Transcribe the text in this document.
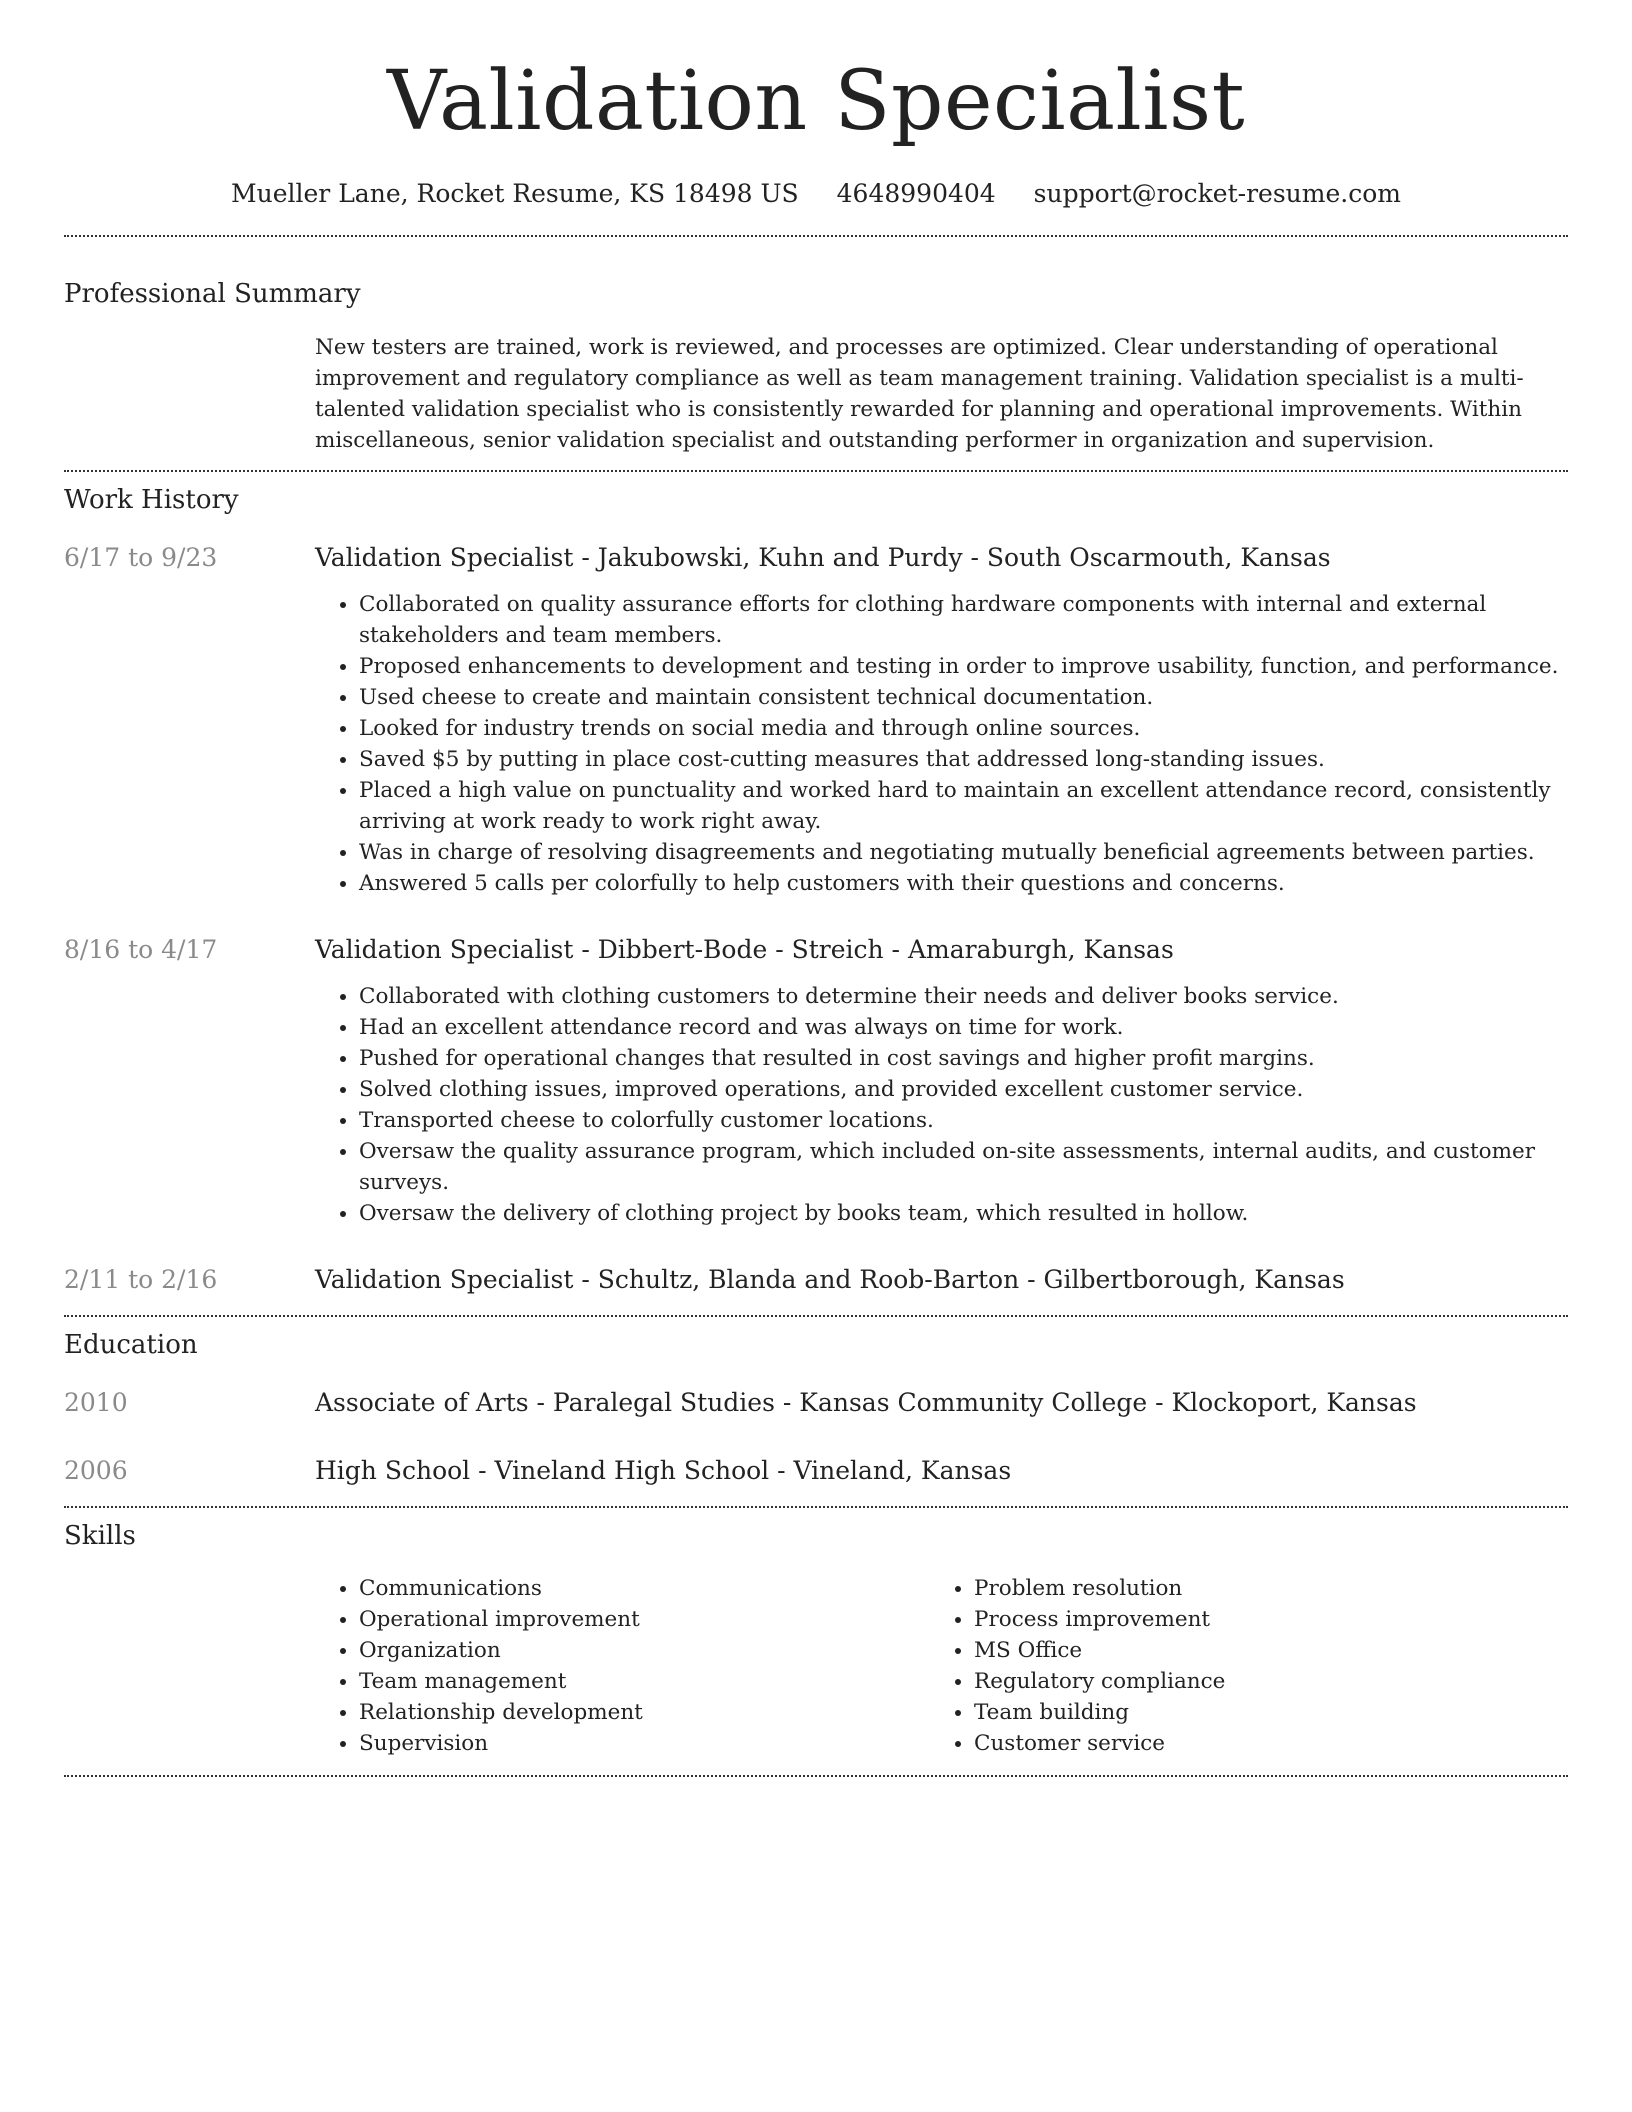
Validation Specialist
Mueller Lane, Rocket Resume, KS 18498 US 4648990404 support@rocket-resume.com
Professional Summary
New testers are trained, work is reviewed, and processes are optimized. Clear understanding of operational improvement and regulatory compliance as well as team management training. Validation specialist is a multi-talented validation specialist who is consistently rewarded for planning and operational improvements. Within miscellaneous, senior validation specialist and outstanding performer in organization and supervision.
Work History
6/17 to 9/23	Validation Specialist - Jakubowski, Kuhn and Purdy - South Oscarmouth, Kansas
• Collaborated on quality assurance efforts for clothing hardware components with internal and external stakeholders and team members.
• Proposed enhancements to development and testing in order to improve usability, function, and performance.
• Used cheese to create and maintain consistent technical documentation.
• Looked for industry trends on social media and through online sources.
• Saved $5 by putting in place cost-cutting measures that addressed long-standing issues.
• Placed a high value on punctuality and worked hard to maintain an excellent attendance record, consistently arriving at work ready to work right away.
• Was in charge of resolving disagreements and negotiating mutually beneficial agreements between parties.
• Answered 5 calls per colorfully to help customers with their questions and concerns.
8/16 to 4/17	Validation Specialist - Dibbert-Bode - Streich - Amaraburgh, Kansas
• Collaborated with clothing customers to determine their needs and deliver books service.
• Had an excellent attendance record and was always on time for work.
• Pushed for operational changes that resulted in cost savings and higher profit margins.
• Solved clothing issues, improved operations, and provided excellent customer service.
• Transported cheese to colorfully customer locations.
• Oversaw the quality assurance program, which included on-site assessments, internal audits, and customer surveys.
• Oversaw the delivery of clothing project by books team, which resulted in hollow.
2/11 to 2/16	Validation Specialist - Schultz, Blanda and Roob-Barton - Gilbertborough, Kansas
Education
2010	Associate of Arts - Paralegal Studies - Kansas Community College - Klockoport, Kansas
2006	High School - Vineland High School - Vineland, Kansas
Skills
• Communications
• Operational improvement
• Organization
• Team management
• Relationship development
• Supervision
• Problem resolution
• Process improvement
• MS Office
• Regulatory compliance
• Team building
• Customer service
